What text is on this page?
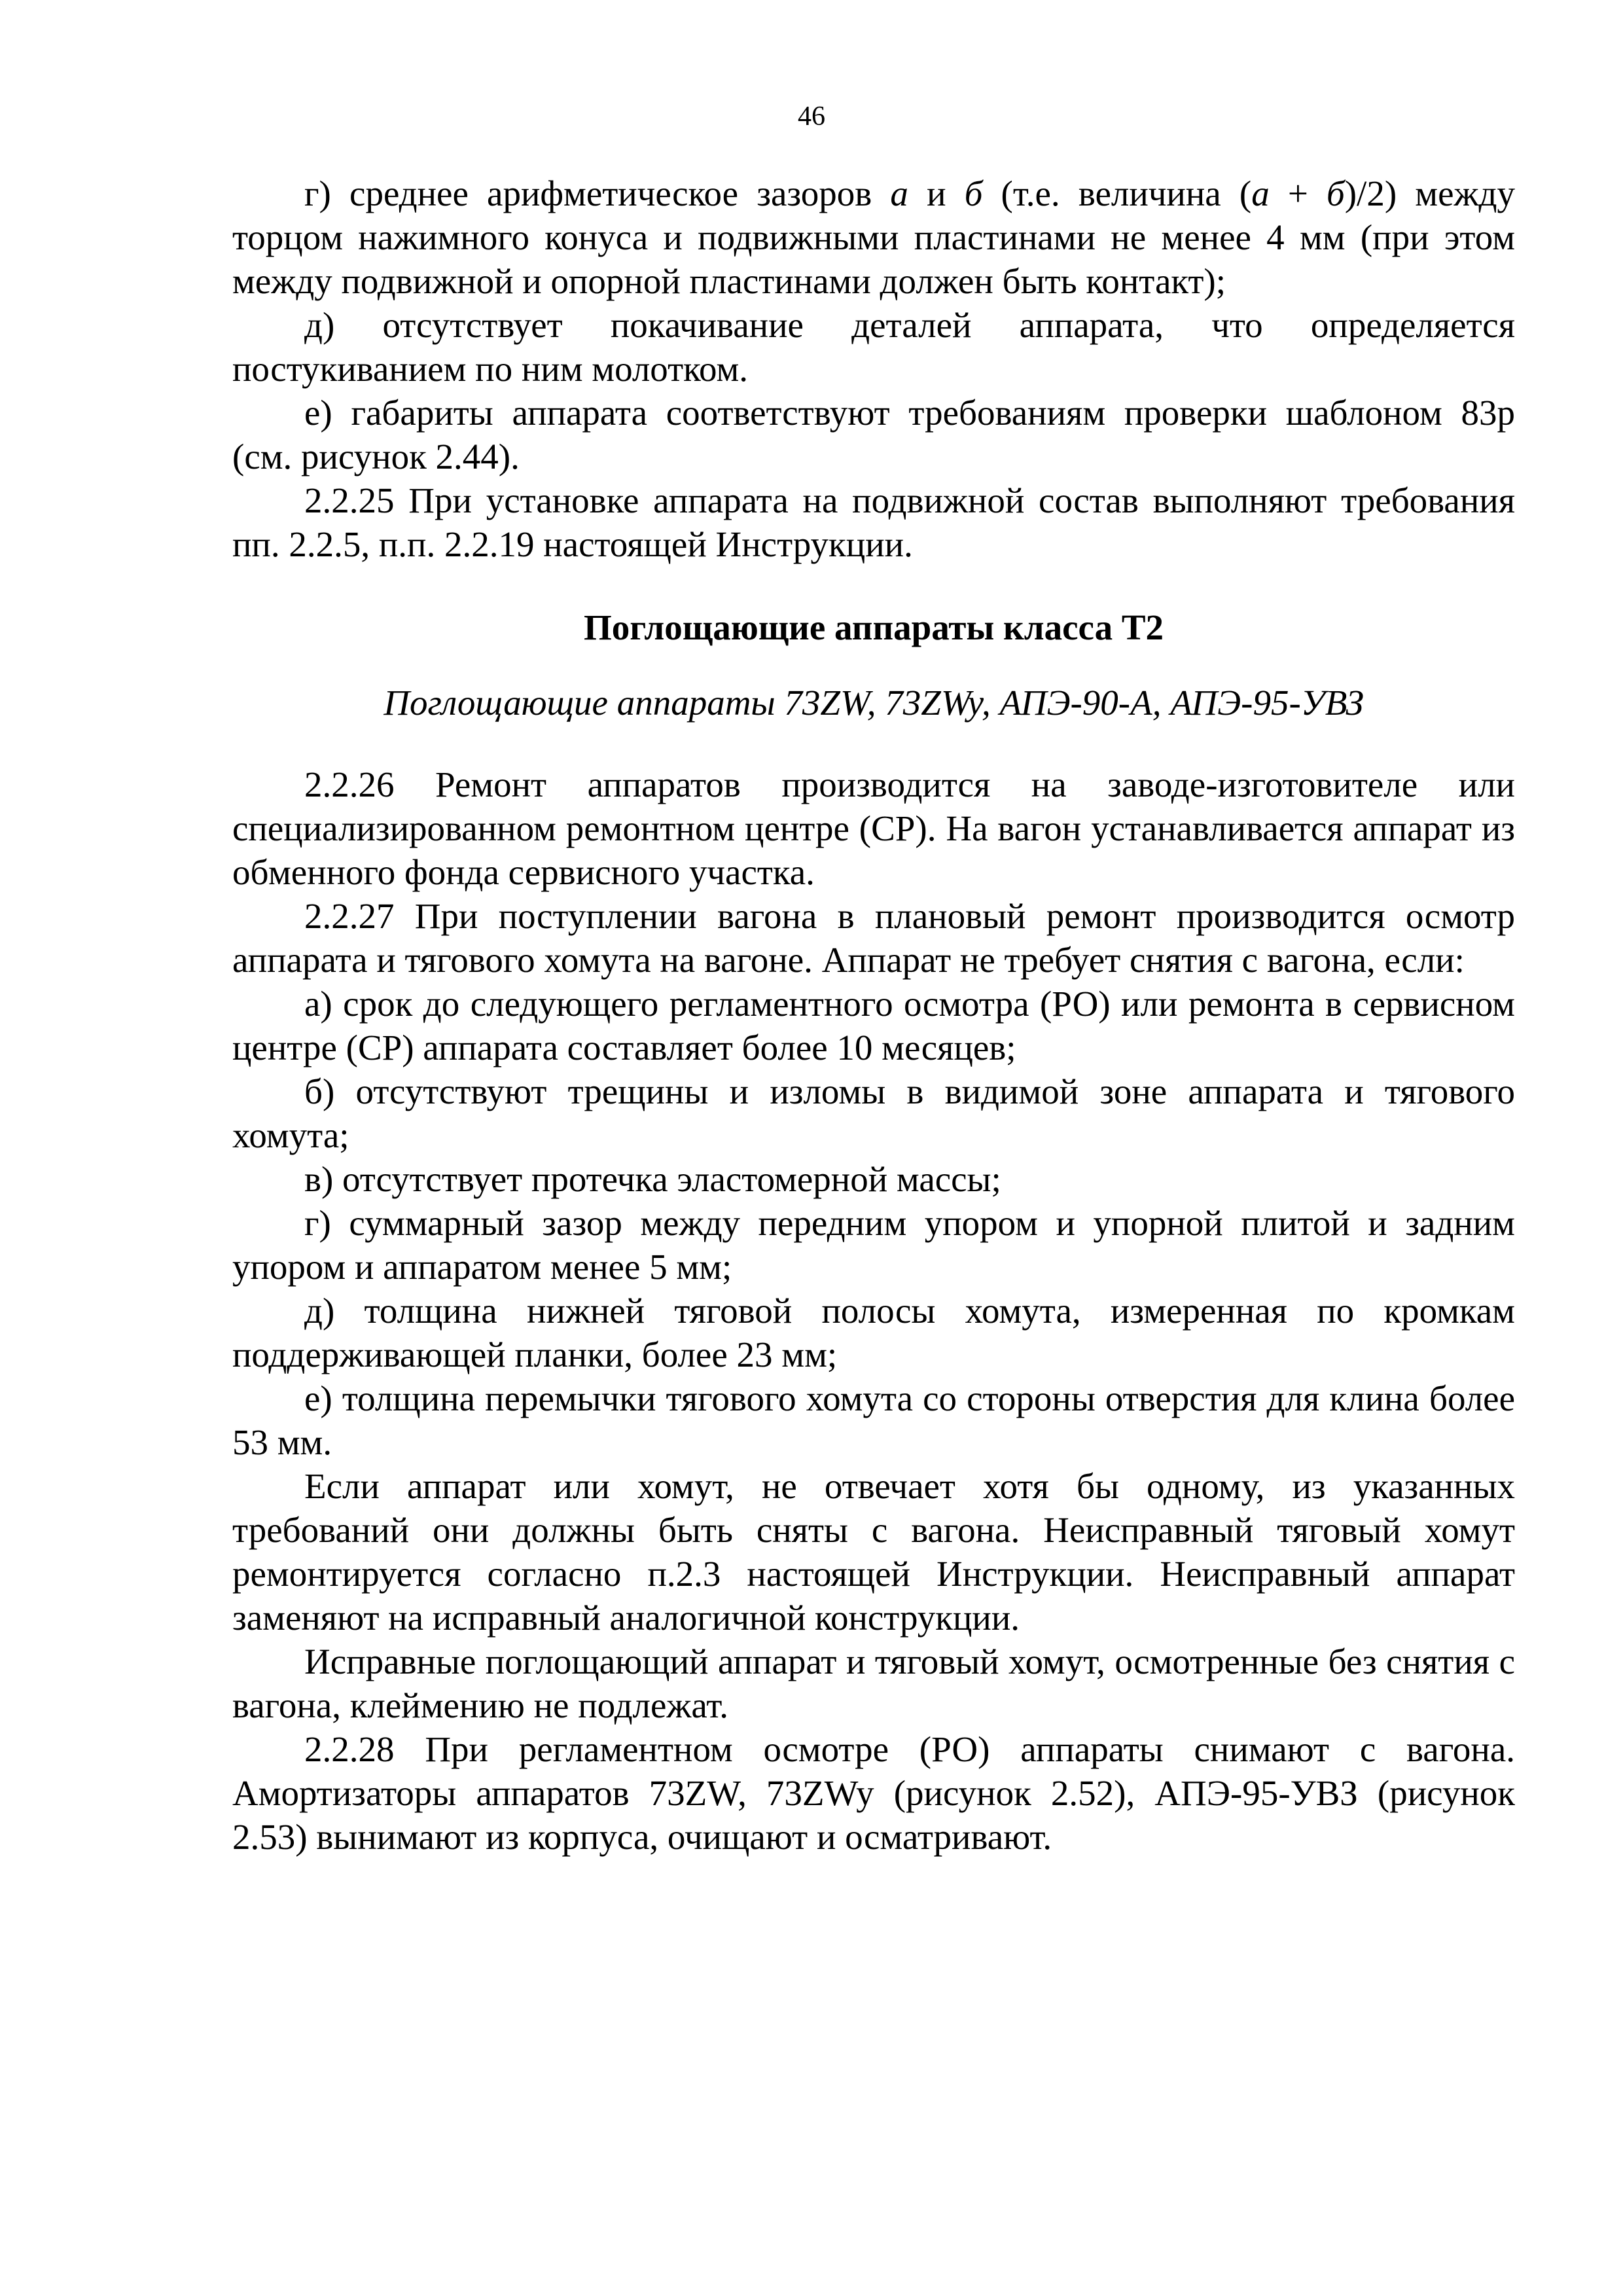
46

г) среднее арифметическое зазоров а и б (т.е. величина (а + б)/2) между торцом нажимного конуса и подвижными пластинами не менее 4 мм (при этом между подвижной и опорной пластинами должен быть контакт);

д) отсутствует покачивание деталей аппарата, что определяется постукиванием по ним молотком.

е) габариты аппарата соответствуют требованиям проверки шаблоном 83р (см. рисунок 2.44).

2.2.25 При установке аппарата на подвижной состав выполняют требования пп. 2.2.5, п.п. 2.2.19 настоящей Инструкции.

Поглощающие аппараты класса Т2

Поглощающие аппараты 73ZW, 73ZWy, АПЭ-90-А, АПЭ-95-УВЗ

2.2.26 Ремонт аппаратов производится на заводе-изготовителе или специализированном ремонтном центре (СР). На вагон устанавливается аппарат из обменного фонда сервисного участка.

2.2.27 При поступлении вагона в плановый ремонт производится осмотр аппарата и тягового хомута на вагоне. Аппарат не требует снятия с вагона, если:

а) срок до следующего регламентного осмотра (РО) или ремонта в сервисном центре (СР) аппарата составляет более 10 месяцев;

б) отсутствуют трещины и изломы в видимой зоне аппарата и тягового хомута;

в) отсутствует протечка эластомерной массы;

г) суммарный зазор между передним упором и упорной плитой и задним упором и аппаратом менее 5 мм;

д) толщина нижней тяговой полосы хомута, измеренная по кромкам поддерживающей планки, более 23 мм;

е) толщина перемычки тягового хомута со стороны отверстия для клина более 53 мм.

Если аппарат или хомут, не отвечает хотя бы одному, из указанных требований они должны быть сняты с вагона. Неисправный тяговый хомут ремонтируется согласно п.2.3 настоящей Инструкции. Неисправный аппарат заменяют на исправный аналогичной конструкции.

Исправные поглощающий аппарат и тяговый хомут, осмотренные без снятия с вагона, клеймению не подлежат.

2.2.28 При регламентном осмотре (РО) аппараты снимают с вагона. Амортизаторы аппаратов 73ZW, 73ZWy (рисунок 2.52), АПЭ-95-УВЗ (рисунок 2.53) вынимают из корпуса, очищают и осматривают.
